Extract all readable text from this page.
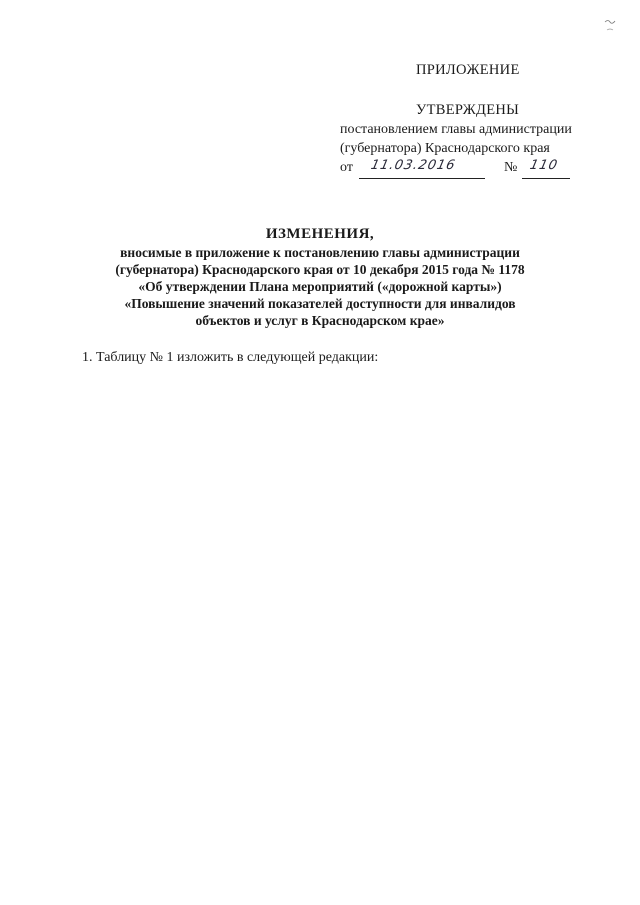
ПРИЛОЖЕНИЕ
УТВЕРЖДЕНЫ
постановлением главы администрации
(губернатора) Краснодарского края
от 11.03.2016	№ 110
ИЗМЕНЕНИЯ,
вносимые в приложение к постановлению главы администрации
(губернатора) Краснодарского края от 10 декабря 2015 года № 1178
«Об утверждении Плана мероприятий («дорожной карты»)
«Повышение значений показателей доступности для инвалидов
объектов и услуг в Краснодарском крае»
1. Таблицу № 1 изложить в следующей редакции:
